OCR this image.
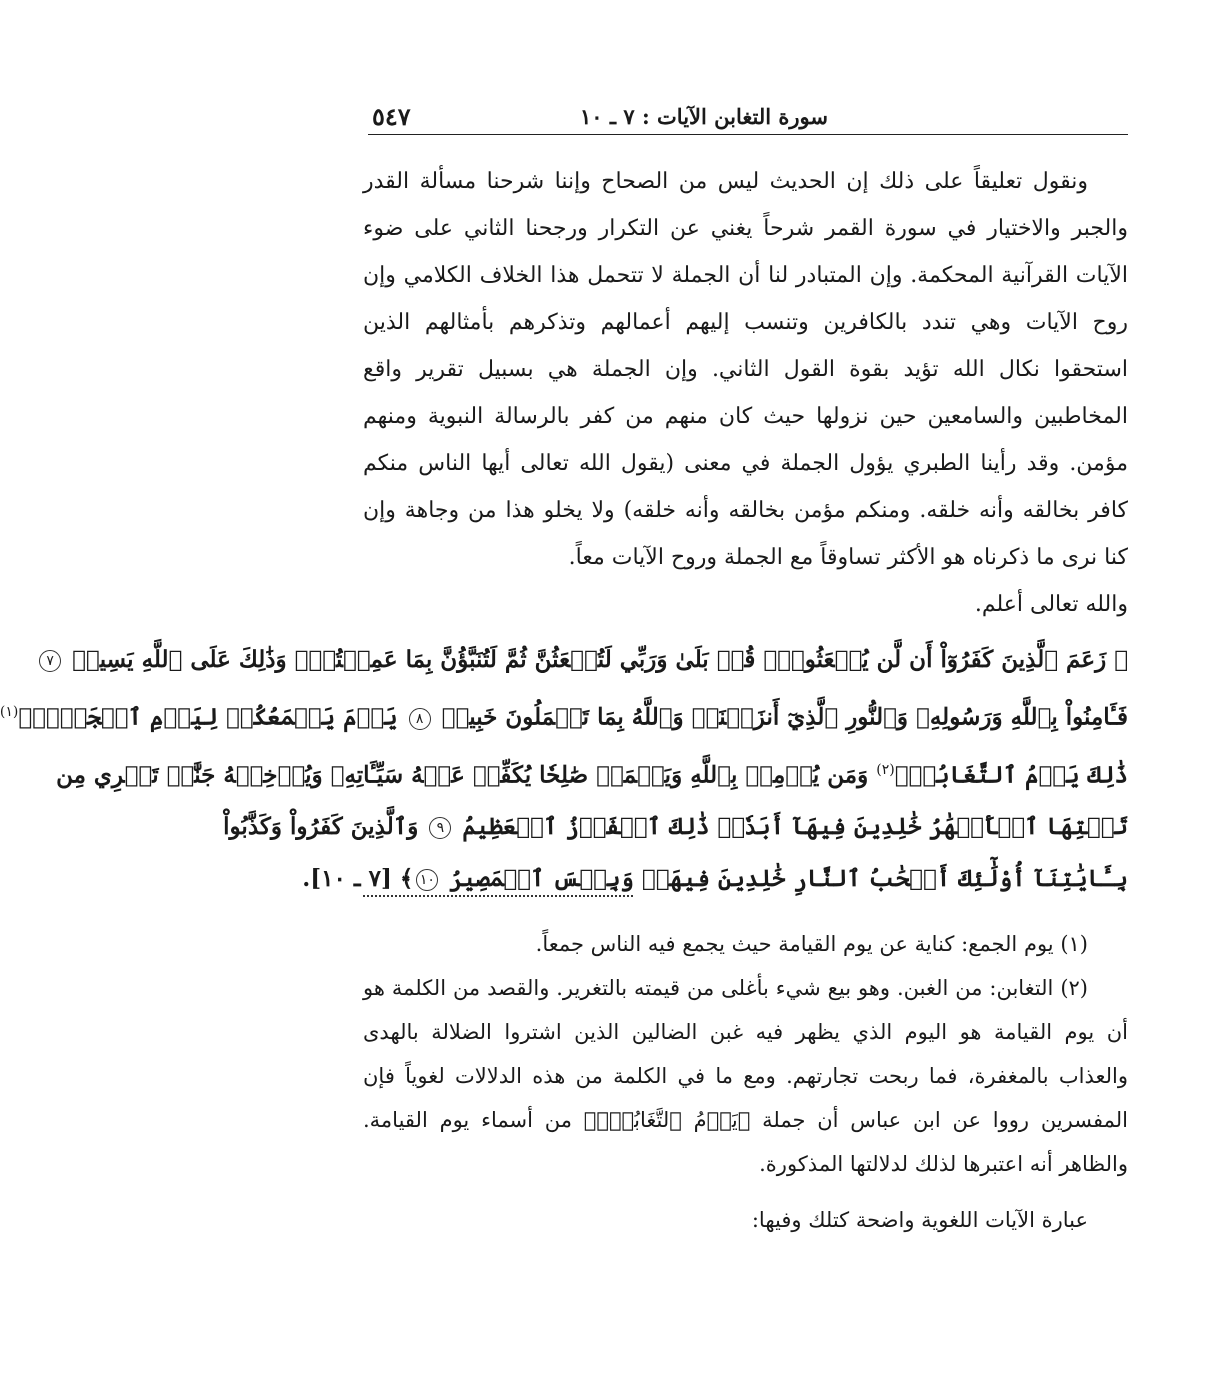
سورة التغابن الآيات : ٧ ـ ١٠
٥٤٧

ونقول تعليقاً على ذلك إن الحديث ليس من الصحاح وإننا شرحنا مسألة القدر والجبر والاختيار في سورة القمر شرحاً يغني عن التكرار ورجحنا الثاني على ضوء الآيات القرآنية المحكمة. وإن المتبادر لنا أن الجملة لا تتحمل هذا الخلاف الكلامي وإن روح الآيات وهي تندد بالكافرين وتنسب إليهم أعمالهم وتذكرهم بأمثالهم الذين استحقوا نكال الله تؤيد بقوة القول الثاني. وإن الجملة هي بسبيل تقرير واقع المخاطبين والسامعين حين نزولها حيث كان منهم من كفر بالرسالة النبوية ومنهم مؤمن. وقد رأينا الطبري يؤول الجملة في معنى (يقول الله تعالى أيها الناس منكم كافر بخالقه وأنه خلقه. ومنكم مؤمن بخالقه وأنه خلقه) ولا يخلو هذا من وجاهة وإن كنا نرى ما ذكرناه هو الأكثر تساوقاً مع الجملة وروح الآيات معاً.

والله تعالى أعلم.

﴿ زَعَمَ ٱلَّذِينَ كَفَرُوٓاْ أَن لَّن يُبۡعَثُواْۚ قُلۡ بَلَىٰ وَرَبِّي لَتُبۡعَثُنَّ ثُمَّ لَتُنَبَّؤُنَّ بِمَا عَمِلۡتُمۡۚ وَذَٰلِكَ عَلَى ٱللَّهِ يَسِيرٞ ٧
فَـَٔامِنُواْ بِٱللَّهِ وَرَسُولِهِۦ وَٱلنُّورِ ٱلَّذِيٓ أَنزَلۡنَاۚ وَٱللَّهُ بِمَا تَعۡمَلُونَ خَبِيرٞ ٨ يَوۡمَ يَجۡمَعُكُمۡ لِيَوۡمِ ٱلۡجَمۡعِۖ$^{(١)}$
ذَٰلِكَ يَوۡمُ ٱلتَّغَابُنِۗ$^{(٢)}$ وَمَن يُؤۡمِنۢ بِٱللَّهِ وَيَعۡمَلۡ صَٰلِحٗا يُكَفِّرۡ عَنۡهُ سَيِّـَٔاتِهِۦ وَيُدۡخِلۡهُ جَنَّٰتٖ تَجۡرِي مِن
تَحۡتِهَا ٱلۡأَنۡهَٰرُ خَٰلِدِينَ فِيهَآ أَبَدٗاۚ ذَٰلِكَ ٱلۡفَوۡزُ ٱلۡعَظِيمُ ٩ وَٱلَّذِينَ كَفَرُواْ وَكَذَّبُواْ
بِـَٔايَٰتِنَآ أُوْلَٰٓئِكَ أَصۡحَٰبُ ٱلنَّارِ خَٰلِدِينَ فِيهَاۖ وَبِئۡسَ ٱلۡمَصِيرُ ١٠﴾ [٧ ـ ١٠].

(١) يوم الجمع: كناية عن يوم القيامة حيث يجمع فيه الناس جمعاً.

(٢) التغابن: من الغبن. وهو بيع شيء بأغلى من قيمته بالتغرير. والقصد من الكلمة هو أن يوم القيامة هو اليوم الذي يظهر فيه غبن الضالين الذين اشتروا الضلالة بالهدى والعذاب بالمغفرة، فما ربحت تجارتهم. ومع ما في الكلمة من هذه الدلالات لغوياً فإن المفسرين رووا عن ابن عباس أن جملة ﴿يَوۡمُ ٱلتَّغَابُنِۗ﴾ من أسماء يوم القيامة. والظاهر أنه اعتبرها لذلك لدلالتها المذكورة.

عبارة الآيات اللغوية واضحة كتلك وفيها:
